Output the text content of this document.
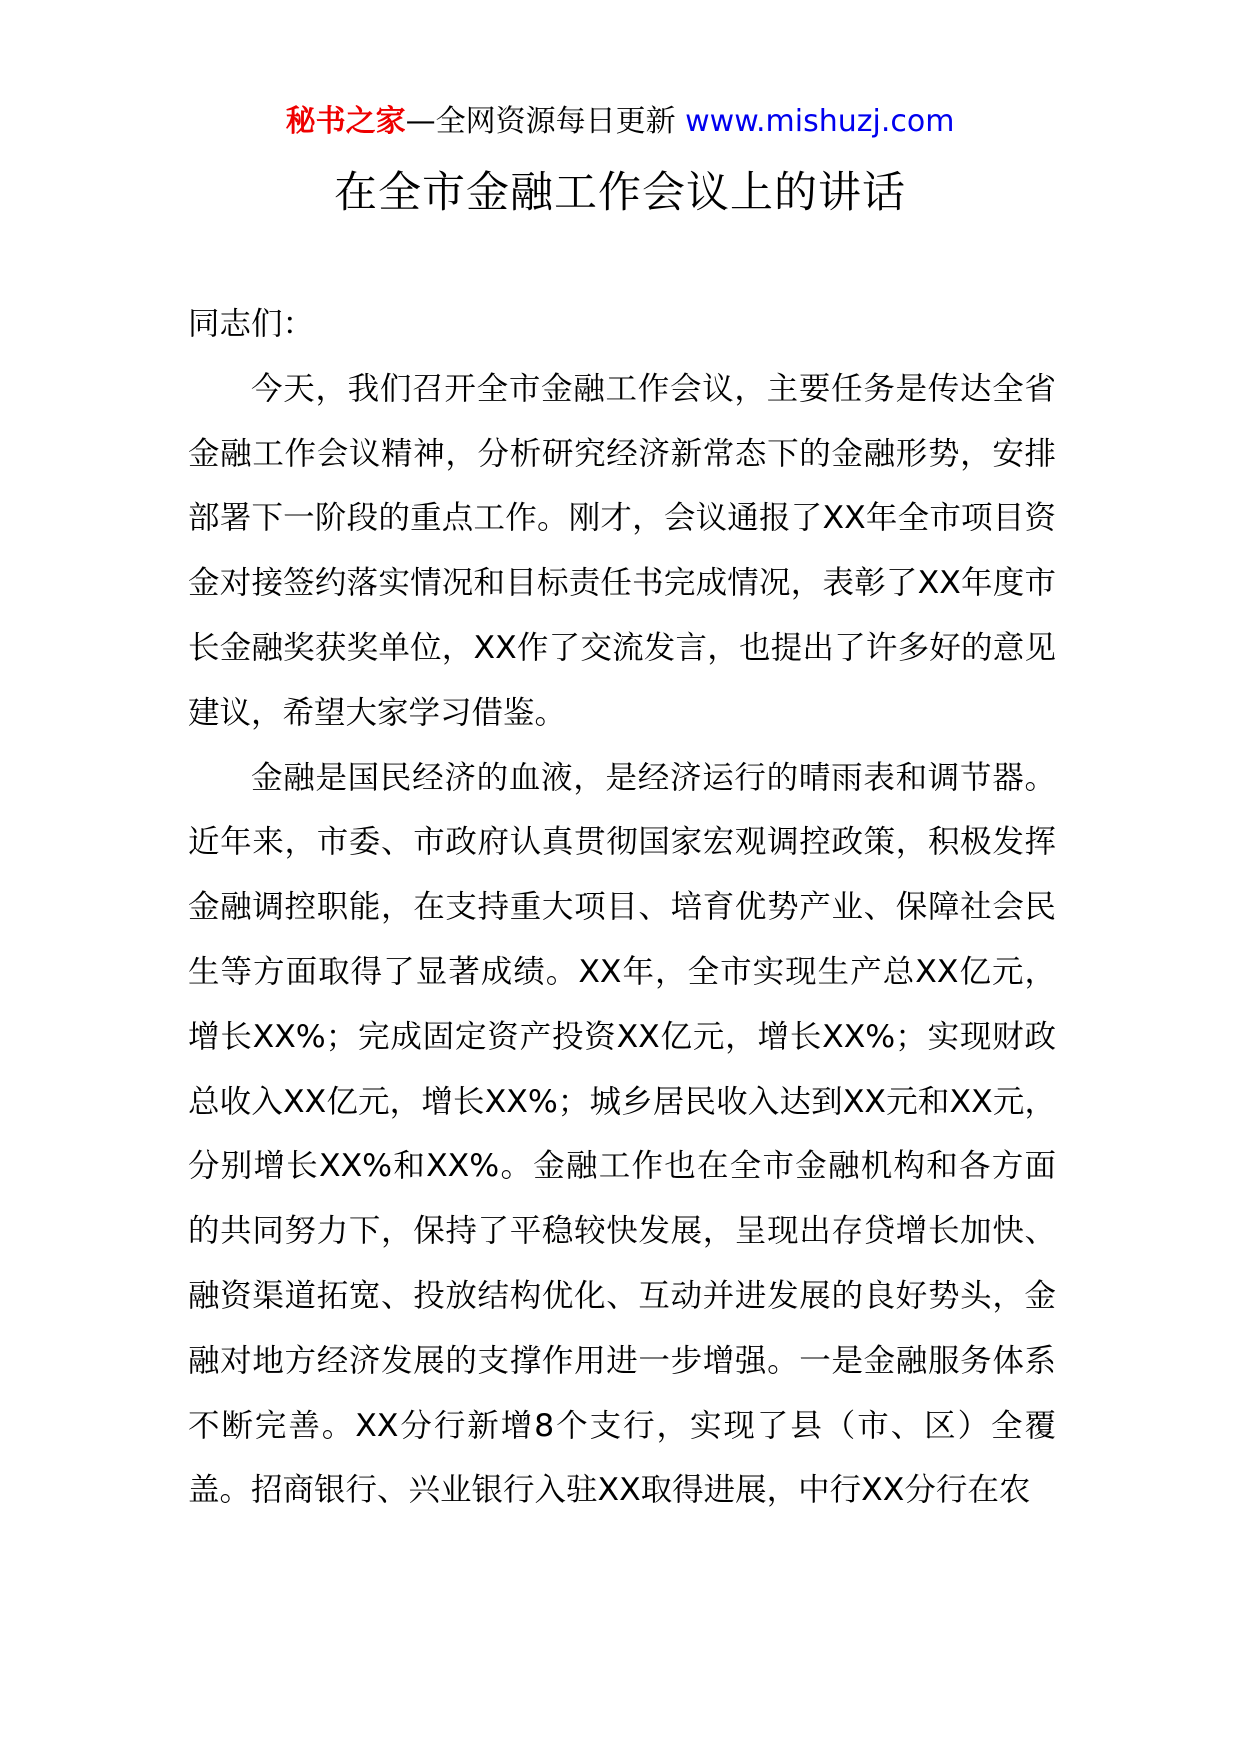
秘书之家—全网资源每日更新 www.mishuzj.com
在全市金融工作会议上的讲话

同志们：

今天，我们召开全市金融工作会议，主要任务是传达全省金融工作会议精神，分析研究经济新常态下的金融形势，安排部署下一阶段的重点工作。刚才，会议通报了XX年全市项目资金对接签约落实情况和目标责任书完成情况，表彰了XX年度市长金融奖获奖单位，XX作了交流发言，也提出了许多好的意见建议，希望大家学习借鉴。

金融是国民经济的血液，是经济运行的晴雨表和调节器。近年来，市委、市政府认真贯彻国家宏观调控政策，积极发挥金融调控职能，在支持重大项目、培育优势产业、保障社会民生等方面取得了显著成绩。XX年，全市实现生产总XX亿元，增长XX%；完成固定资产投资XX亿元，增长XX%；实现财政总收入XX亿元，增长XX%；城乡居民收入达到XX元和XX元，分别增长XX%和XX%。金融工作也在全市金融机构和各方面的共同努力下，保持了平稳较快发展，呈现出存贷增长加快、融资渠道拓宽、投放结构优化、互动并进发展的良好势头，金融对地方经济发展的支撑作用进一步增强。一是金融服务体系不断完善。XX分行新增8个支行，实现了县（市、区）全覆盖。招商银行、兴业银行入驻XX取得进展，中行XX分行在农
